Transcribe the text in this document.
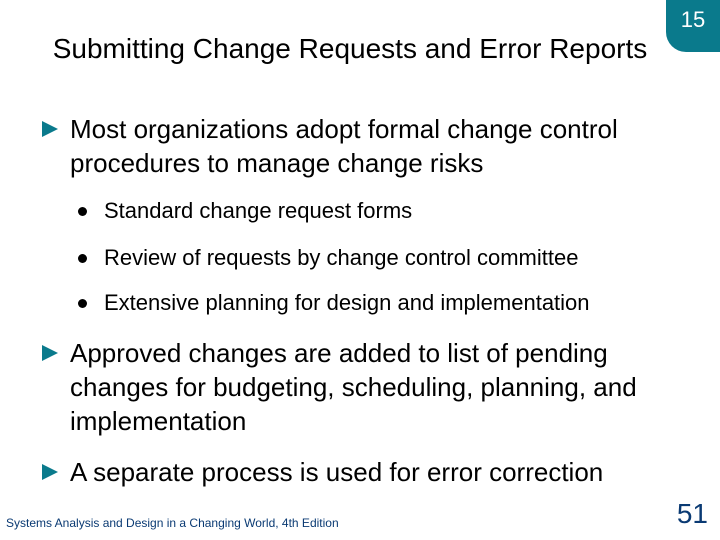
Submitting Change Requests and Error Reports
15
Most organizations adopt formal change control procedures to manage change risks
Standard change request forms
Review of requests by change control committee
Extensive planning for design and implementation
Approved changes are added to list of pending changes for budgeting, scheduling, planning, and implementation
A separate process is used for error correction
Systems Analysis and Design in a Changing World, 4th Edition	51
